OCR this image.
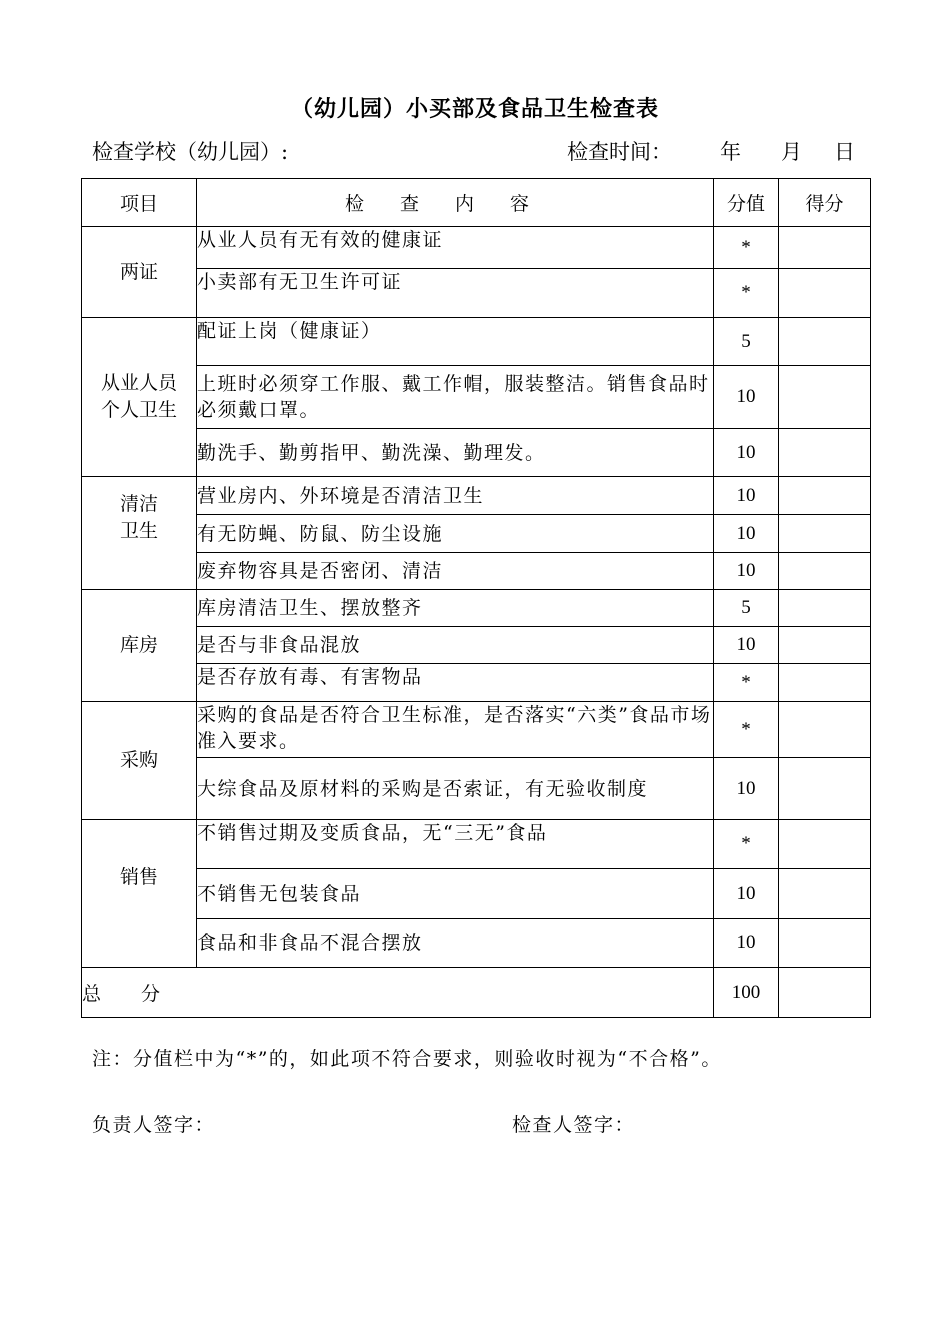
（幼儿园）小买部及食品卫生检查表
检查学校（幼儿园）:	检查时间： 年 月 日
项目	检查内容	分值	得分
两证	从业人员有无有效的健康证	*	
	小卖部有无卫生许可证	*	
从业人员
个人卫生	配证上岗（健康证）	5	
	上班时必须穿工作服、戴工作帽，服装整洁。销售食品时必须戴口罩。	10	
	勤洗手、勤剪指甲、勤洗澡、勤理发。	10	
清洁
卫生	营业房内、外环境是否清洁卫生	10	
	有无防蝇、防鼠、防尘设施	10	
	废弃物容具是否密闭、清洁	10	
库房	库房清洁卫生、摆放整齐	5	
	是否与非食品混放	10	
	是否存放有毒、有害物品	*	
采购	采购的食品是否符合卫生标准，是否落实“六类”食品市场准入要求。	*	
	大综食品及原材料的采购是否索证，有无验收制度	10	
销售	不销售过期及变质食品，无“三无”食品	*	
	不销售无包装食品	10	
	食品和非食品不混合摆放	10	
总分		100	
注：分值栏中为“*”的，如此项不符合要求，则验收时视为“不合格”。
负责人签字：	检查人签字：
